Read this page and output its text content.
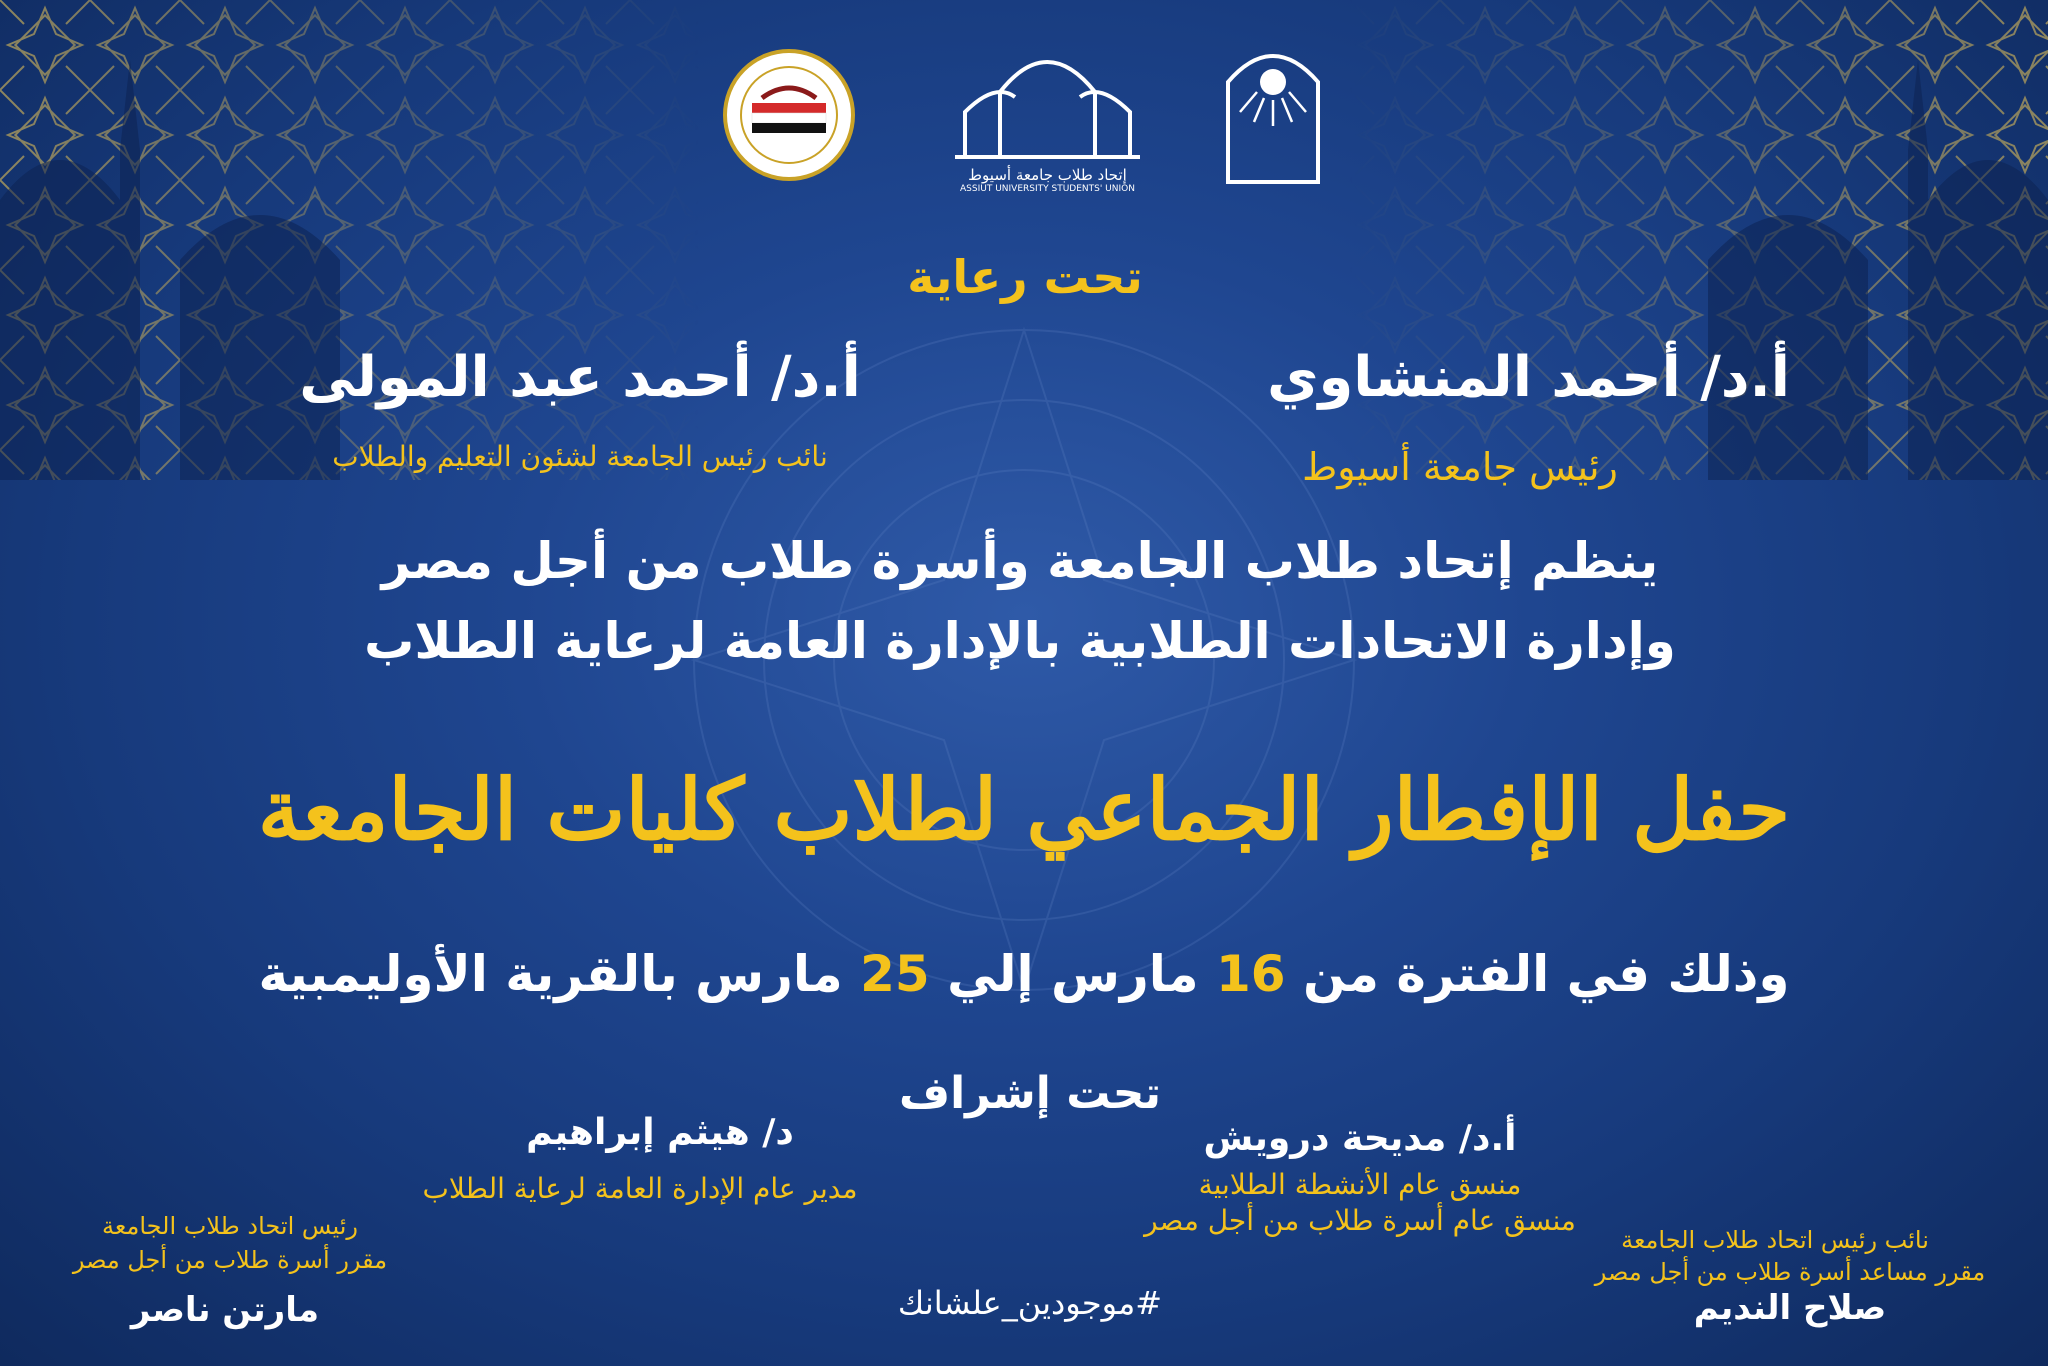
إتحاد طلاب جامعة أسيوط
ASSIUT UNIVERSITY STUDENTS' UNION
تحت رعاية
أ.د/ أحمد المنشاوي
رئيس جامعة أسيوط
أ.د/ أحمد عبد المولى
نائب رئيس الجامعة لشئون التعليم والطلاب
ينظم إتحاد طلاب الجامعة وأسرة طلاب من أجل مصر
وإدارة الاتحادات الطلابية بالإدارة العامة لرعاية الطلاب
حفل الإفطار الجماعي لطلاب كليات الجامعة
وذلك في الفترة من 16 مارس إلي 25 مارس بالقرية الأوليمبية
تحت إشراف
أ.د/ مديحة درويش
منسق عام الأنشطة الطلابية
منسق عام أسرة طلاب من أجل مصر
د/ هيثم إبراهيم
مدير عام الإدارة العامة لرعاية الطلاب
نائب رئيس اتحاد طلاب الجامعة
مقرر مساعد أسرة طلاب من أجل مصر
صلاح النديم
رئيس اتحاد طلاب الجامعة
مقرر أسرة طلاب من أجل مصر
مارتن ناصر	#موجودين_علشانك
